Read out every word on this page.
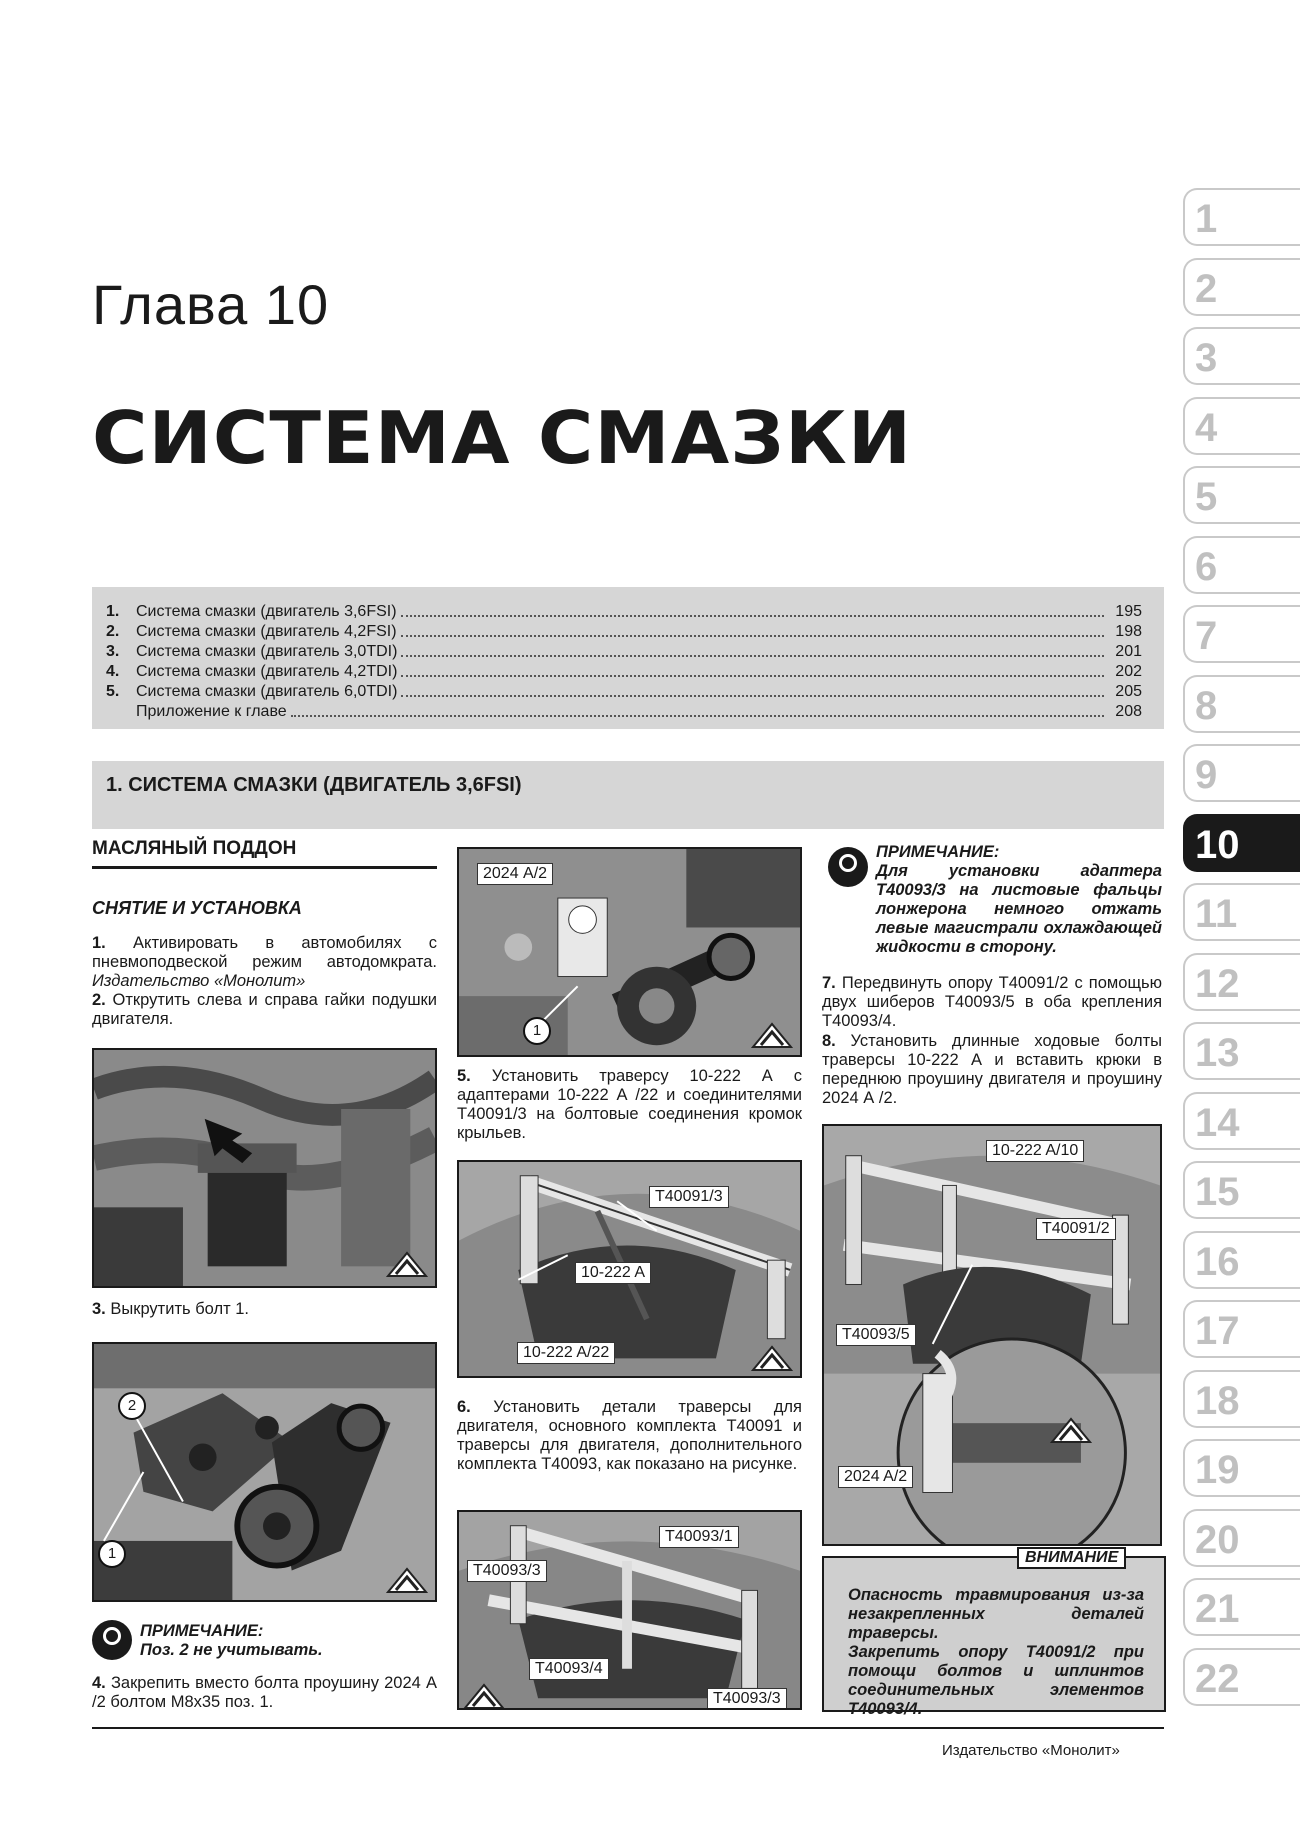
Глава 10
СИСТЕМА СМАЗКИ
1
2
3
4
5
6
7
8
9
10
11
12
13
14
15
16
17
18
19
20
21
22
1.	Система смазки (двигатель 3,6FSI)	195
2.	Система смазки (двигатель 4,2FSI)	198
3.	Система смазки (двигатель 3,0TDI)	201
4.	Система смазки (двигатель 4,2TDI)	202
5.	Система смазки (двигатель 6,0TDI)	205
Приложение к главе	208
1. СИСТЕМА СМАЗКИ (ДВИГАТЕЛЬ 3,6FSI)
МАСЛЯНЫЙ ПОДДОН
СНЯТИЕ И УСТАНОВКА
1. Активировать в автомобилях с пневмоподвеской режим автодомкрата. Издательство «Монолит»
2. Открутить слева и справа гайки подушки двигателя.
3. Выкрутить болт 1.
2
1
ПРИМЕЧАНИЕ:
Поз. 2 не учитывать.
4. Закрепить вместо болта проушину 2024 А /2 болтом М8х35 поз. 1.
2024 А/2
1
5. Установить траверсу 10-222 А с адаптерами 10-222 А /22 и соединителями Т40091/3 на болтовые соединения кромок крыльев.
T40091/3
10-222 A
10-222 A/22
6. Установить детали траверсы для двигателя, основного комплекта Т40091 и траверсы для двигателя, дополнительного комплекта Т40093, как показано на рисунке.
T40093/1
T40093/3
T40093/4
T40093/3
ПРИМЕЧАНИЕ:
Для установки адаптера Т40093/3 на листовые фальцы лонжерона немного отжать левые магистрали охлаждающей жидкости в сторону.
7. Передвинуть опору Т40091/2 с помощью двух шиберов Т40093/5 в оба крепления Т40093/4.
8. Установить длинные ходовые болты траверсы 10-222 А и вставить крюки в переднюю проушину двигателя и проушину 2024 А /2.
10-222 A/10
T40091/2
T40093/5
2024 A/2
ВНИМАНИЕ
Опасность травмирования из-за незакрепленных деталей траверсы.
Закрепить опору Т40091/2 при помощи болтов и шплинтов соединительных элементов Т40093/4.
Издательство «Монолит»
